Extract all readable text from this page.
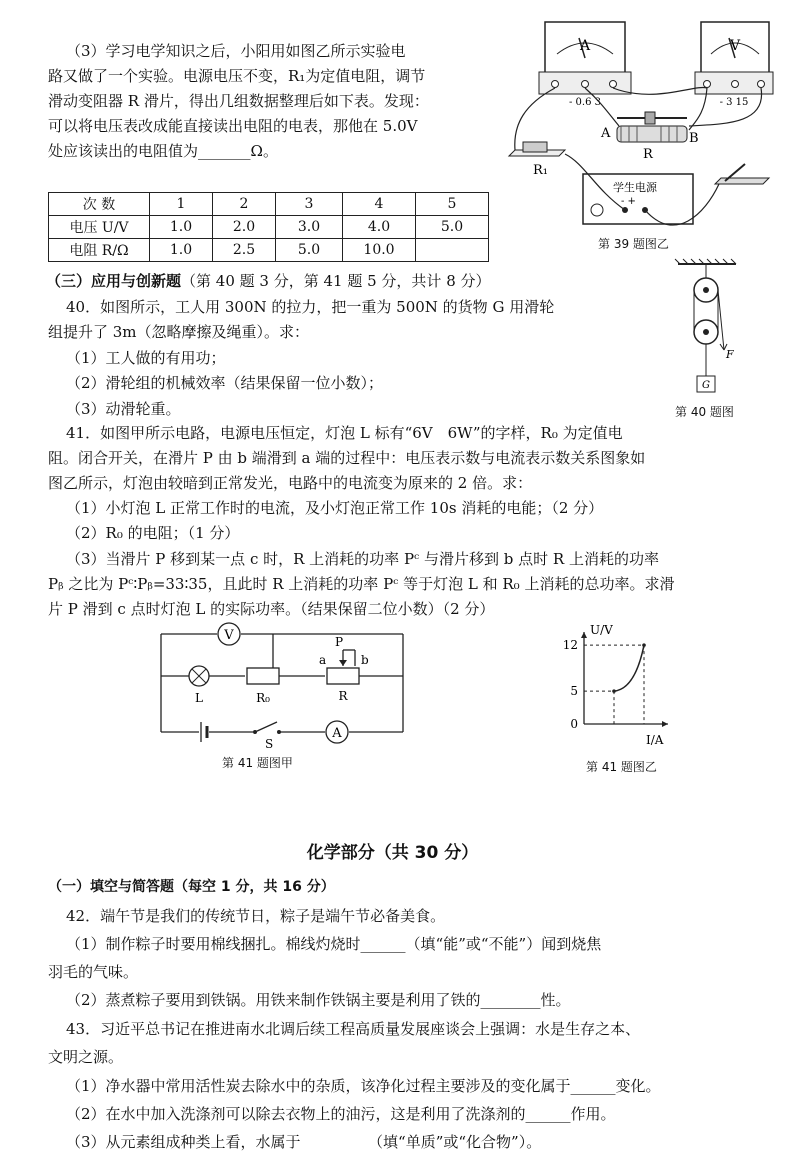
（3）学习电学知识之后，小阳用如图乙所示实验电
路又做了一个实验。电源电压不变，R₁为定值电阻，调节
滑动变阻器 R 滑片，得出几组数据整理后如下表。发现：
可以将电压表改成能直接读出电阻的电表，那他在 5.0V
处应该读出的电阻值为_______Ω。
次 数	1	2	3	4	5
电压 U/V	1.0	2.0	3.0	4.0	5.0
电阻 R/Ω	1.0	2.5	5.0	10.0	
A
- 0.6 3
V
- 3 15
A	B
R
R₁
学生电源
- +
第 39 题图乙
（三）应用与创新题（第 40 题 3 分，第 41 题 5 分，共计 8 分）
40．如图所示，工人用 300N 的拉力，把一重为 500N 的货物 G 用滑轮
组提升了 3m（忽略摩擦及绳重）。求：
（1）工人做的有用功；
（2）滑轮组的机械效率（结果保留一位小数）；
（3）动滑轮重。
F
G
第 40 题图
41．如图甲所示电路，电源电压恒定，灯泡 L 标有“6V　6W”的字样，R₀ 为定值电
阻。闭合开关，在滑片 P 由 b 端滑到 a 端的过程中：电压表示数与电流表示数关系图象如
图乙所示，灯泡由较暗到正常发光，电路中的电流变为原来的 2 倍。求：
（1）小灯泡 L 正常工作时的电流，及小灯泡正常工作 10s 消耗的电能；（2 分）
（2）R₀ 的电阻；（1 分）
（3）当滑片 P 移到某一点 c 时，R 上消耗的功率 Pᶜ 与滑片移到 b 点时 R 上消耗的功率
Pᵦ 之比为 Pᶜ∶Pᵦ=33∶35，且此时 R 上消耗的功率 Pᶜ 等于灯泡 L 和 R₀ 上消耗的总功率。求滑
片 P 滑到 c 点时灯泡 L 的实际功率。（结果保留二位小数）（2 分）
V
L	R₀	R
P
a	b
S
A
第 41 题图甲
U/V
I/A
12
5
0
第 41 题图乙
化学部分（共 30 分）
（一）填空与简答题（每空 1 分，共 16 分）
42．端午节是我们的传统节日，粽子是端午节必备美食。
（1）制作粽子时要用棉线捆扎。棉线灼烧时______（填“能”或“不能”）闻到烧焦
羽毛的气味。
（2）蒸煮粽子要用到铁锅。用铁来制作铁锅主要是利用了铁的________性。
43．习近平总书记在推进南水北调后续工程高质量发展座谈会上强调：水是生存之本、
文明之源。
（1）净水器中常用活性炭去除水中的杂质，该净化过程主要涉及的变化属于______变化。
（2）在水中加入洗涤剂可以除去衣物上的油污，这是利用了洗涤剂的______作用。
（3）从元素组成种类上看，水属于　　　　　（填“单质”或“化合物”）。
